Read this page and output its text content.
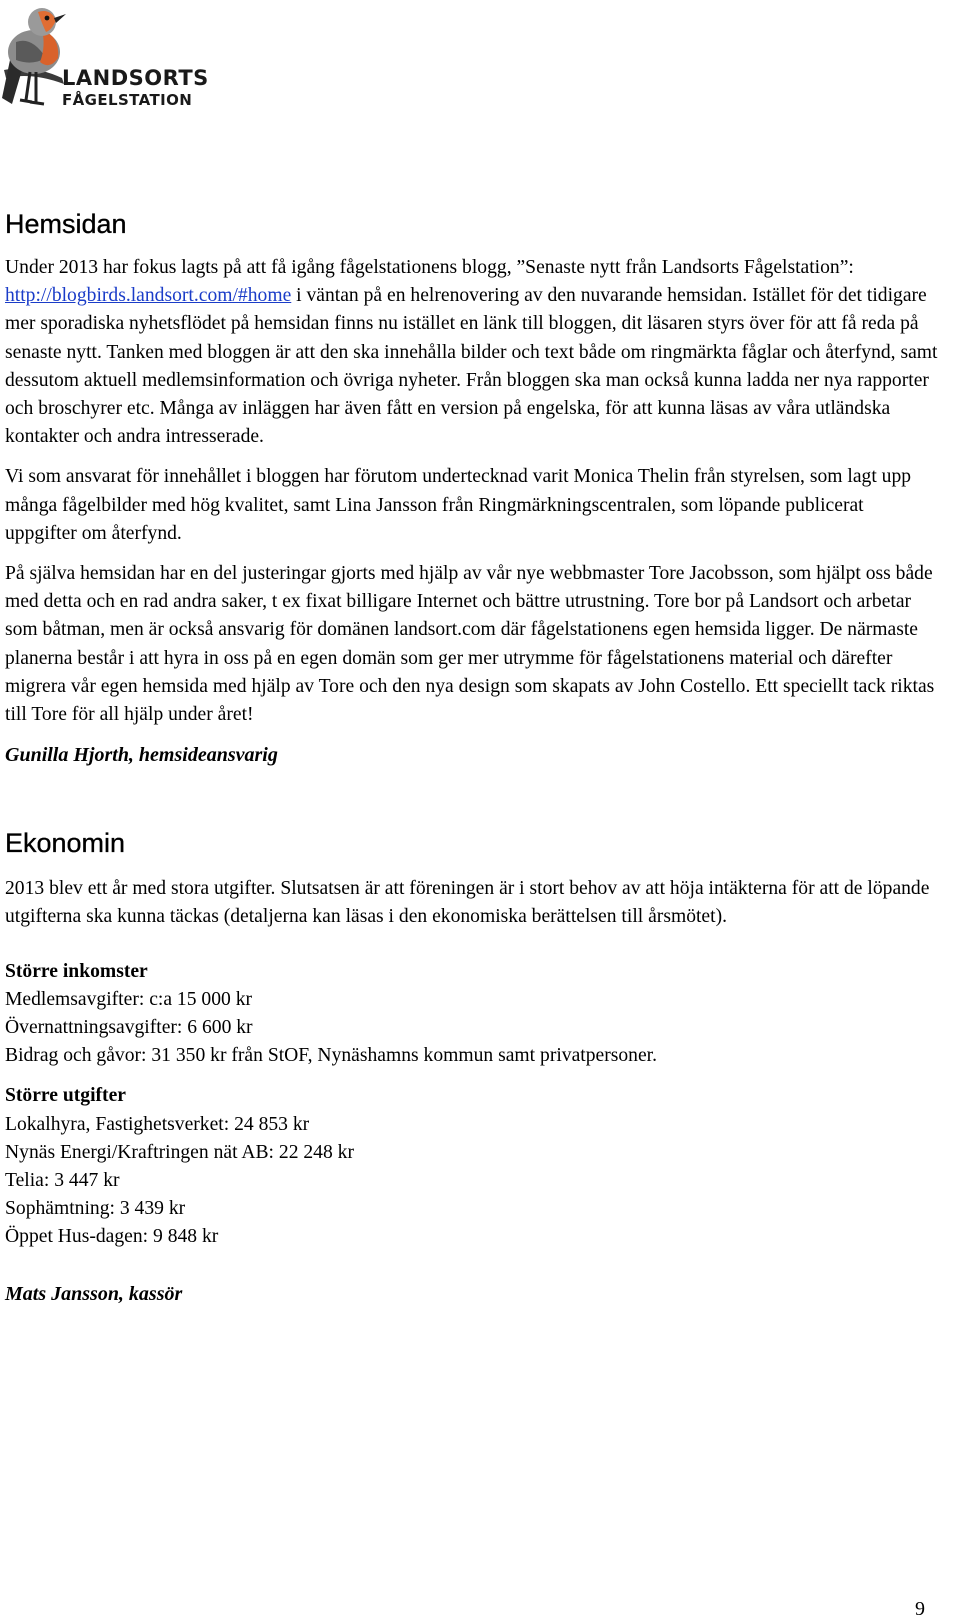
LANDSORTS
FÅGELSTATION
Hemsidan

Under 2013 har fokus lagts på att få igång fågelstationens blogg, ”Senaste nytt från Landsorts Fågelstation”: http://blogbirds.landsort.com/#home i väntan på en helrenovering av den nuvarande hemsidan. Istället för det tidigare mer sporadiska nyhetsflödet på hemsidan finns nu istället en länk till bloggen, dit läsaren styrs över för att få reda på senaste nytt. Tanken med bloggen är att den ska innehålla bilder och text både om ringmärkta fåglar och återfynd, samt dessutom aktuell medlemsinformation och övriga nyheter. Från bloggen ska man också kunna ladda ner nya rapporter och broschyrer etc. Många av inläggen har även fått en version på engelska, för att kunna läsas av våra utländska kontakter och andra intresserade.

Vi som ansvarat för innehållet i bloggen har förutom undertecknad varit Monica Thelin från styrelsen, som lagt upp många fågelbilder med hög kvalitet, samt Lina Jansson från Ringmärkningscentralen, som löpande publicerat uppgifter om återfynd.

På själva hemsidan har en del justeringar gjorts med hjälp av vår nye webbmaster Tore Jacobsson, som hjälpt oss både med detta och en rad andra saker, t ex fixat billigare Internet och bättre utrustning. Tore bor på Landsort och arbetar som båtman, men är också ansvarig för domänen landsort.com där fågelstationens egen hemsida ligger. De närmaste planerna består i att hyra in oss på en egen domän som ger mer utrymme för fågelstationens material och därefter migrera vår egen hemsida med hjälp av Tore och den nya design som skapats av John Costello. Ett speciellt tack riktas till Tore för all hjälp under året!

Gunilla Hjorth, hemsideansvarig

Ekonomin

2013 blev ett år med stora utgifter. Slutsatsen är att föreningen är i stort behov av att höja intäkterna för att de löpande utgifterna ska kunna täckas (detaljerna kan läsas i den ekonomiska berättelsen till årsmötet).

Större inkomster
Medlemsavgifter: c:a 15 000 kr
Övernattningsavgifter: 6 600 kr
Bidrag och gåvor: 31 350 kr från StOF, Nynäshamns kommun samt privatpersoner.
Större utgifter
Lokalhyra, Fastighetsverket: 24 853 kr
Nynäs Energi/Kraftringen nät AB: 22 248 kr
Telia: 3 447 kr
Sophämtning: 3 439 kr
Öppet Hus-dagen: 9 848 kr

Mats Jansson, kassör

9
